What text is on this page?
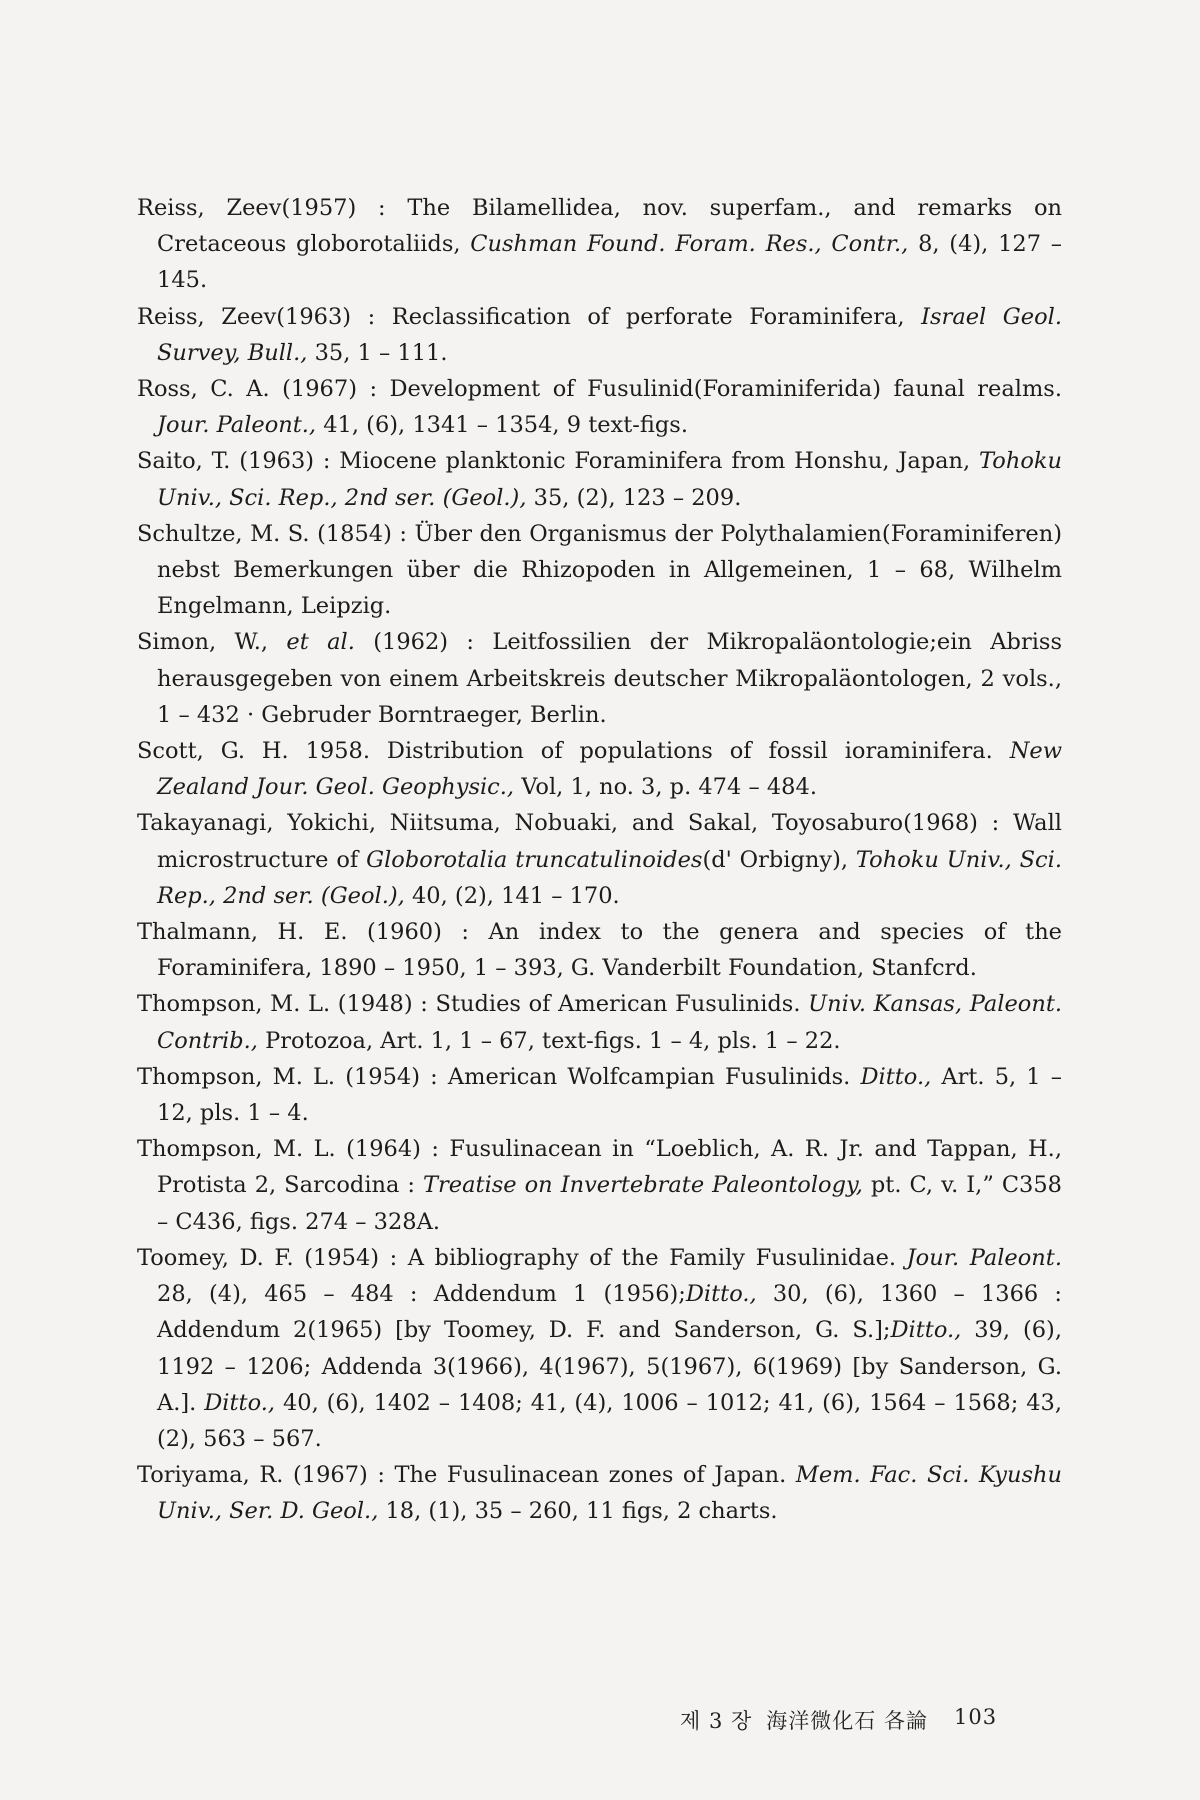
Reiss, Zeev(1957) : The Bilamellidea, nov. superfam., and remarks on Cretaceous globorotaliids, Cushman Found. Foram. Res., Contr., 8, (4), 127 – 145.

Reiss, Zeev(1963) : Reclassification of perforate Foraminifera, Israel Geol. Survey, Bull., 35, 1 – 111.

Ross, C. A. (1967) : Development of Fusulinid(Foraminiferida) faunal realms. Jour. Paleont., 41, (6), 1341 – 1354, 9 text-figs.

Saito, T. (1963) : Miocene planktonic Foraminifera from Honshu, Japan, Tohoku Univ., Sci. Rep., 2nd ser. (Geol.), 35, (2), 123 – 209.

Schultze, M. S. (1854) : Über den Organismus der Polythalamien(Foraminiferen) nebst Bemerkungen über die Rhizopoden in Allgemeinen, 1 – 68, Wilhelm Engelmann, Leipzig.

Simon, W., et al. (1962) : Leitfossilien der Mikropaläontologie;ein Abriss herausgegeben von einem Arbeitskreis deutscher Mikropaläontologen, 2 vols., 1 – 432 · Gebruder Borntraeger, Berlin.

Scott, G. H. 1958. Distribution of populations of fossil ioraminifera. New Zealand Jour. Geol. Geophysic., Vol, 1, no. 3, p. 474 – 484.

Takayanagi, Yokichi, Niitsuma, Nobuaki, and Sakal, Toyosaburo(1968) : Wall microstructure of Globorotalia truncatulinoides(d' Orbigny), Tohoku Univ., Sci. Rep., 2nd ser. (Geol.), 40, (2), 141 – 170.

Thalmann, H. E. (1960) : An index to the genera and species of the Foraminifera, 1890 – 1950, 1 – 393, G. Vanderbilt Foundation, Stanfcrd.

Thompson, M. L. (1948) : Studies of American Fusulinids. Univ. Kansas, Paleont. Contrib., Protozoa, Art. 1, 1 – 67, text-figs. 1 – 4, pls. 1 – 22.

Thompson, M. L. (1954) : American Wolfcampian Fusulinids. Ditto., Art. 5, 1 – 12, pls. 1 – 4.

Thompson, M. L. (1964) : Fusulinacean in “Loeblich, A. R. Jr. and Tappan, H., Protista 2, Sarcodina : Treatise on Invertebrate Paleontology, pt. C, v. I,” C358 – C436, figs. 274 – 328A.

Toomey, D. F. (1954) : A bibliography of the Family Fusulinidae. Jour. Paleont. 28, (4), 465 – 484 : Addendum 1 (1956);Ditto., 30, (6), 1360 – 1366 : Addendum 2(1965) [by Toomey, D. F. and Sanderson, G. S.];Ditto., 39, (6), 1192 – 1206; Addenda 3(1966), 4(1967), 5(1967), 6(1969) [by Sanderson, G. A.]. Ditto., 40, (6), 1402 – 1408; 41, (4), 1006 – 1012; 41, (6), 1564 – 1568; 43, (2), 563 – 567.

Toriyama, R. (1967) : The Fusulinacean zones of Japan. Mem. Fac. Sci. Kyushu Univ., Ser. D. Geol., 18, (1), 35 – 260, 11 figs, 2 charts.

제 3 장 海洋微化石 各論 103
